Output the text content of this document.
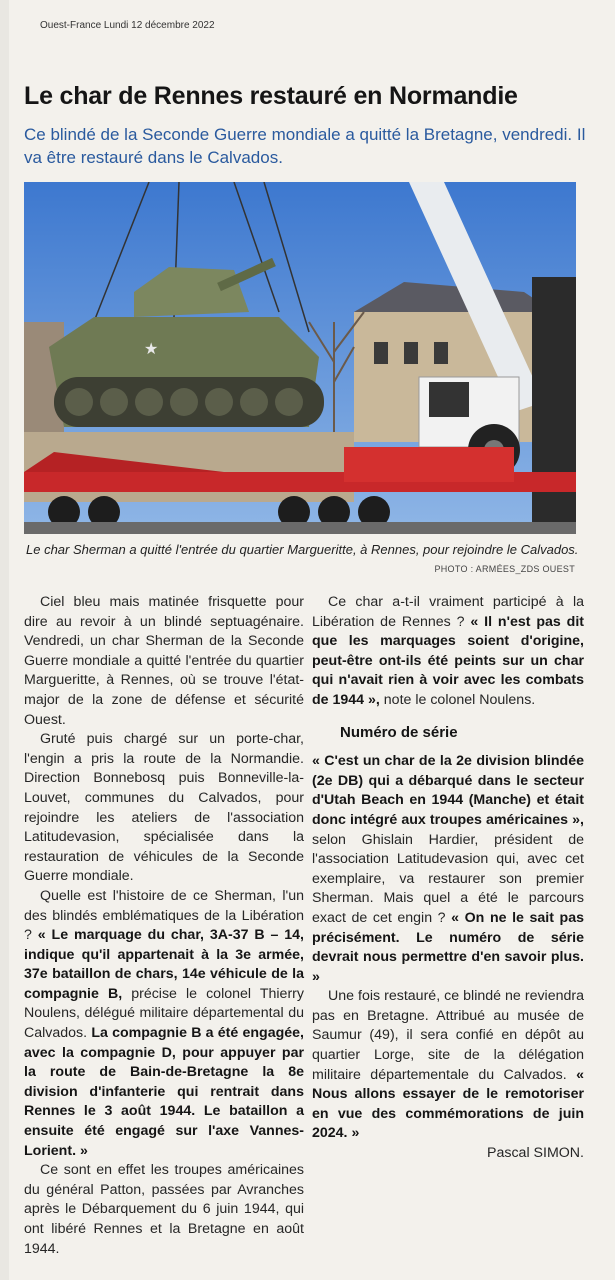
Ouest-France Lundi 12 décembre 2022
Le char de Rennes restauré en Normandie

Ce blindé de la Seconde Guerre mondiale a quitté la Bretagne, vendredi. Il va être restauré dans le Calvados.

★
Le char Sherman a quitté l'entrée du quartier Margueritte, à Rennes, pour rejoindre le Calvados.
PHOTO : ARMÉES_ZDS OUEST

Ciel bleu mais matinée frisquette pour dire au revoir à un blindé septuagénaire. Vendredi, un char Sherman de la Seconde Guerre mondiale a quitté l'entrée du quartier Margueritte, à Rennes, où se trouve l'état-major de la zone de défense et sécurité Ouest.

Gruté puis chargé sur un porte-char, l'engin a pris la route de la Normandie. Direction Bonnebosq puis Bonneville-la-Louvet, communes du Calvados, pour rejoindre les ateliers de l'association Latitudevasion, spécialisée dans la restauration de véhicules de la Seconde Guerre mondiale.

Quelle est l'histoire de ce Sherman, l'un des blindés emblématiques de la Libération ? « Le marquage du char, 3A-37 B – 14, indique qu'il appartenait à la 3e armée, 37e bataillon de chars, 14e véhicule de la compagnie B, précise le colonel Thierry Noulens, délégué militaire départemental du Calvados. La compagnie B a été engagée, avec la compagnie D, pour appuyer par la route de Bain-de-Bretagne la 8e division d'infanterie qui rentrait dans Rennes le 3 août 1944. Le bataillon a ensuite été engagé sur l'axe Vannes-Lorient. »

Ce sont en effet les troupes américaines du général Patton, passées par Avranches après le Débarquement du 6 juin 1944, qui ont libéré Rennes et la Bretagne en août 1944.

Ce char a-t-il vraiment participé à la Libération de Rennes ? « Il n'est pas dit que les marquages soient d'origine, peut-être ont-ils été peints sur un char qui n'avait rien à voir avec les combats de 1944 », note le colonel Noulens.

Numéro de série

« C'est un char de la 2e division blindée (2e DB) qui a débarqué dans le secteur d'Utah Beach en 1944 (Manche) et était donc intégré aux troupes américaines », selon Ghislain Hardier, président de l'association Latitudevasion qui, avec cet exemplaire, va restaurer son premier Sherman. Mais quel a été le parcours exact de cet engin ? « On ne le sait pas précisément. Le numéro de série devrait nous permettre d'en savoir plus. »

Une fois restauré, ce blindé ne reviendra pas en Bretagne. Attribué au musée de Saumur (49), il sera confié en dépôt au quartier Lorge, site de la délégation militaire départementale du Calvados. « Nous allons essayer de le remotoriser en vue des commémorations de juin 2024. »

Pascal SIMON.
